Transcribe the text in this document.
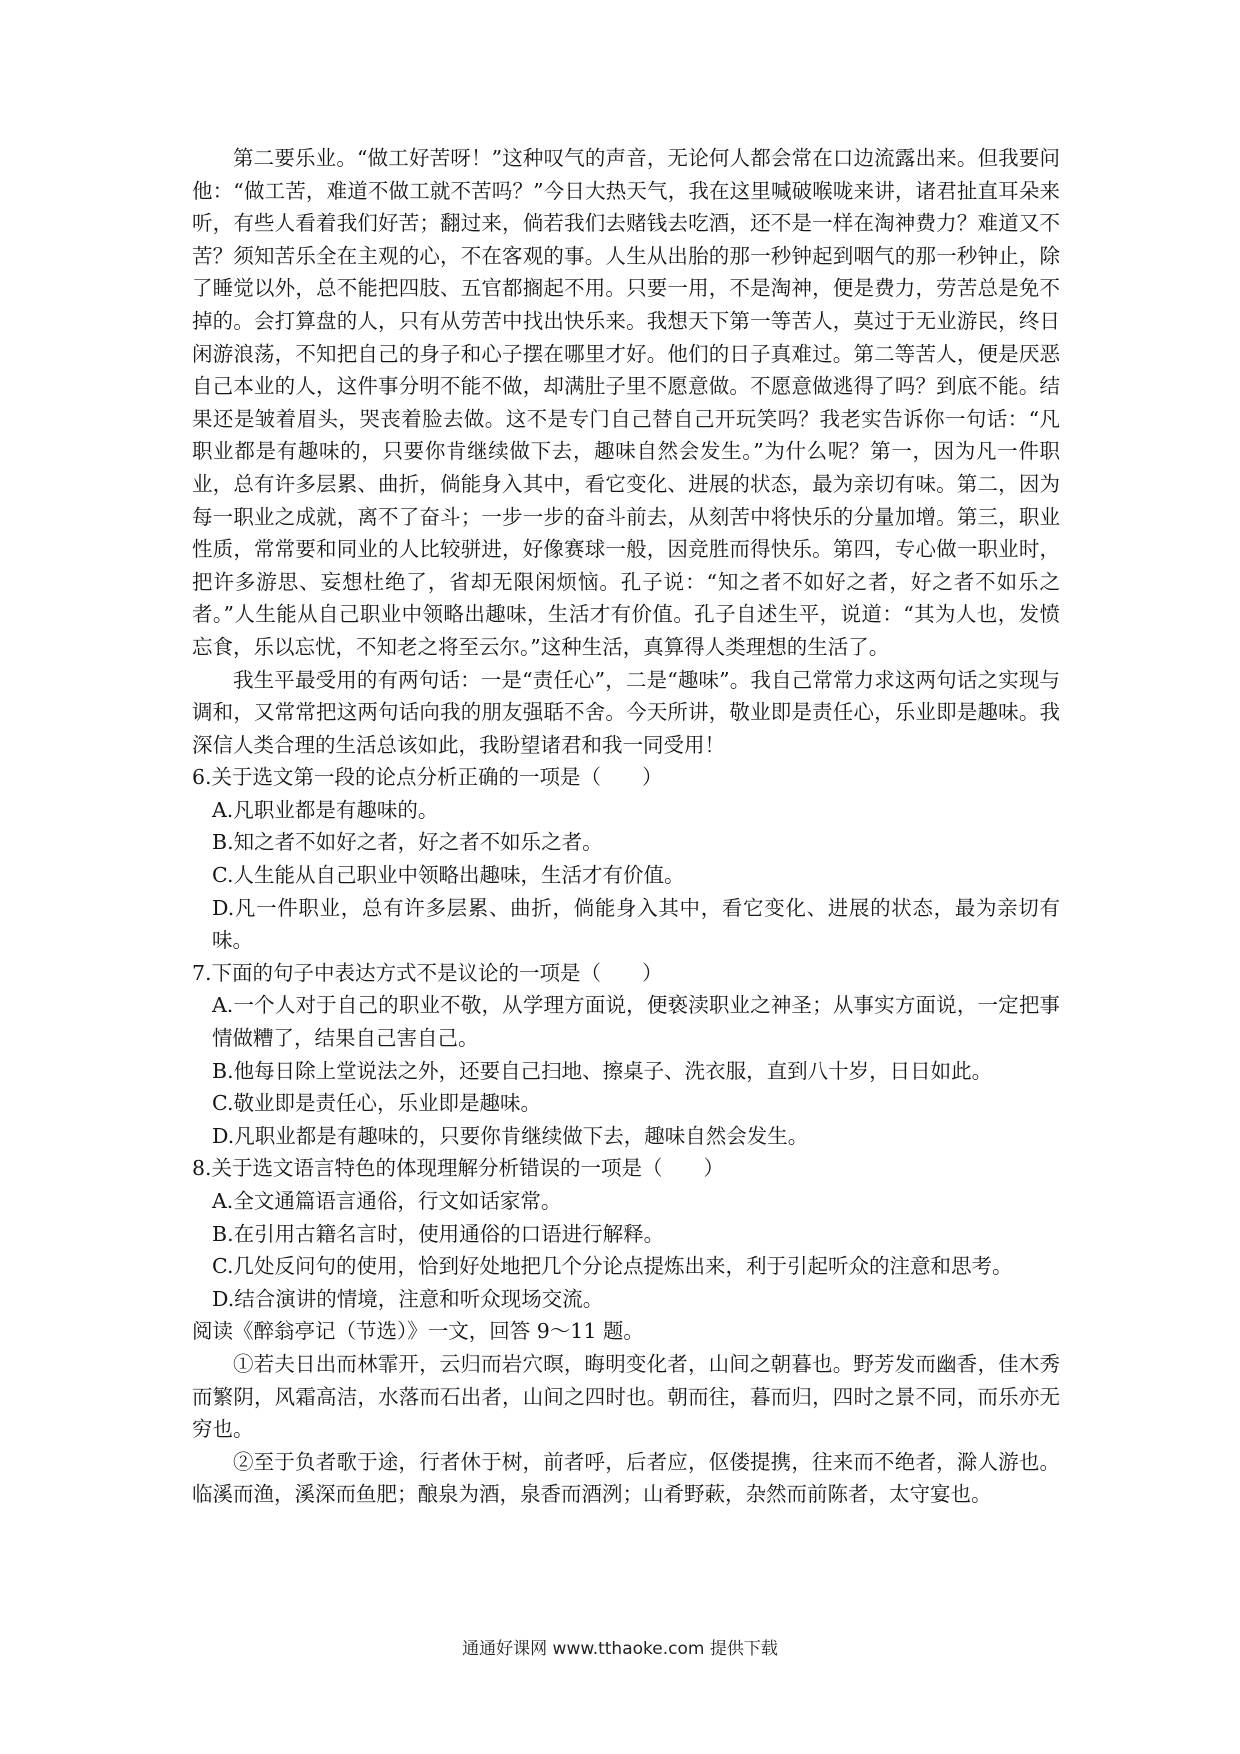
第二要乐业。“做工好苦呀！”这种叹气的声音，无论何人都会常在口边流露出来。但我要问他：“做工苦，难道不做工就不苦吗？”今日大热天气，我在这里喊破喉咙来讲，诸君扯直耳朵来听，有些人看着我们好苦；翻过来，倘若我们去赌钱去吃酒，还不是一样在淘神费力？难道又不苦？须知苦乐全在主观的心，不在客观的事。人生从出胎的那一秒钟起到咽气的那一秒钟止，除了睡觉以外，总不能把四肢、五官都搁起不用。只要一用，不是淘神，便是费力，劳苦总是免不掉的。会打算盘的人，只有从劳苦中找出快乐来。我想天下第一等苦人，莫过于无业游民，终日闲游浪荡，不知把自己的身子和心子摆在哪里才好。他们的日子真难过。第二等苦人，便是厌恶自己本业的人，这件事分明不能不做，却满肚子里不愿意做。不愿意做逃得了吗？到底不能。结果还是皱着眉头，哭丧着脸去做。这不是专门自己替自己开玩笑吗？我老实告诉你一句话：“凡职业都是有趣味的，只要你肯继续做下去，趣味自然会发生。”为什么呢？第一，因为凡一件职业，总有许多层累、曲折，倘能身入其中，看它变化、进展的状态，最为亲切有味。第二，因为每一职业之成就，离不了奋斗；一步一步的奋斗前去，从刻苦中将快乐的分量加增。第三，职业性质，常常要和同业的人比较骈进，好像赛球一般，因竞胜而得快乐。第四，专心做一职业时，把许多游思、妄想杜绝了，省却无限闲烦恼。孔子说：“知之者不如好之者，好之者不如乐之者。”人生能从自己职业中领略出趣味，生活才有价值。孔子自述生平，说道：“其为人也，发愤忘食，乐以忘忧，不知老之将至云尔。”这种生活，真算得人类理想的生活了。

我生平最受用的有两句话：一是“责任心”，二是“趣味”。我自己常常力求这两句话之实现与调和，又常常把这两句话向我的朋友强聒不舍。今天所讲，敬业即是责任心，乐业即是趣味。我深信人类合理的生活总该如此，我盼望诸君和我一同受用！

6.关于选文第一段的论点分析正确的一项是（　　）

A.凡职业都是有趣味的。

B.知之者不如好之者，好之者不如乐之者。

C.人生能从自己职业中领略出趣味，生活才有价值。

D.凡一件职业，总有许多层累、曲折，倘能身入其中，看它变化、进展的状态，最为亲切有味。

7.下面的句子中表达方式不是议论的一项是（　　）

A.一个人对于自己的职业不敬，从学理方面说，便亵渎职业之神圣；从事实方面说，一定把事情做糟了，结果自己害自己。

B.他每日除上堂说法之外，还要自己扫地、擦桌子、洗衣服，直到八十岁，日日如此。

C.敬业即是责任心，乐业即是趣味。

D.凡职业都是有趣味的，只要你肯继续做下去，趣味自然会发生。

8.关于选文语言特色的体现理解分析错误的一项是（　　）

A.全文通篇语言通俗，行文如话家常。

B.在引用古籍名言时，使用通俗的口语进行解释。

C.几处反问句的使用，恰到好处地把几个分论点提炼出来，利于引起听众的注意和思考。

D.结合演讲的情境，注意和听众现场交流。

阅读《醉翁亭记（节选）》一文，回答 9～11 题。

①若夫日出而林霏开，云归而岩穴暝，晦明变化者，山间之朝暮也。野芳发而幽香，佳木秀而繁阴，风霜高洁，水落而石出者，山间之四时也。朝而往，暮而归，四时之景不同，而乐亦无穷也。

②至于负者歌于途，行者休于树，前者呼，后者应，伛偻提携，往来而不绝者，滁人游也。临溪而渔，溪深而鱼肥；酿泉为酒，泉香而酒洌；山肴野蔌，杂然而前陈者，太守宴也。

通通好课网 www.tthaoke.com 提供下载
